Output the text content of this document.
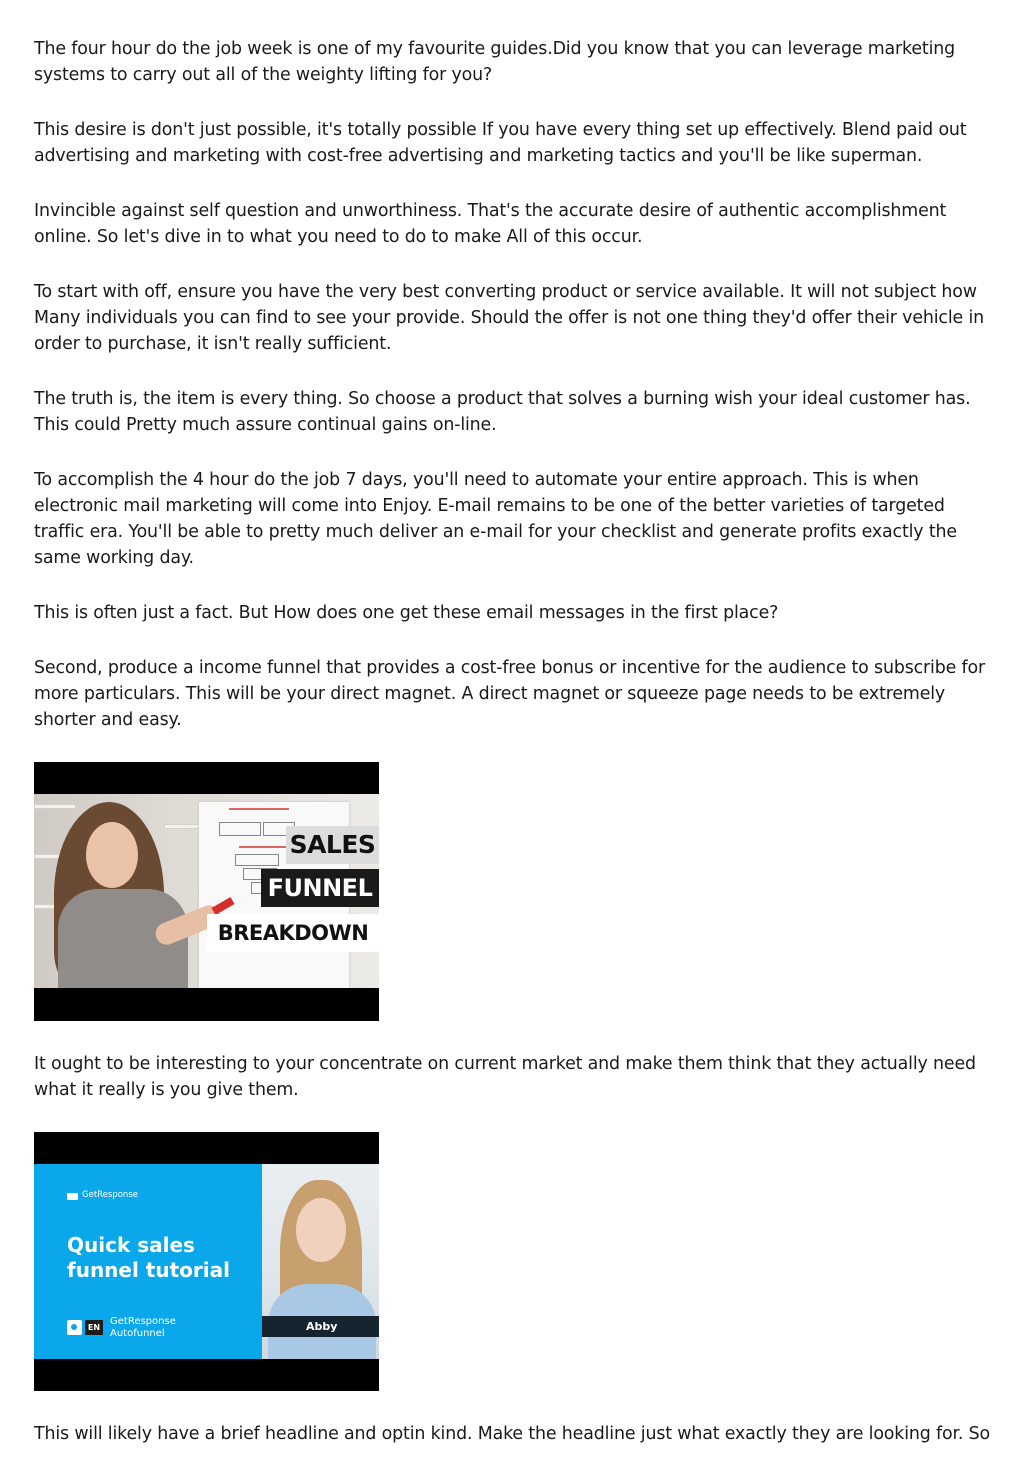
The four hour do the job week is one of my favourite guides.Did you know that you can leverage marketing systems to carry out all of the weighty lifting for you?

This desire is don't just possible, it's totally possible If you have every thing set up effectively. Blend paid out advertising and marketing with cost-free advertising and marketing tactics and you'll be like superman.

Invincible against self question and unworthiness. That's the accurate desire of authentic accomplishment online. So let's dive in to what you need to do to make All of this occur.

To start with off, ensure you have the very best converting product or service available. It will not subject how Many individuals you can find to see your provide. Should the offer is not one thing they'd offer their vehicle in order to purchase, it isn't really sufficient.

The truth is, the item is every thing. So choose a product that solves a burning wish your ideal customer has. This could Pretty much assure continual gains on-line.

To accomplish the 4 hour do the job 7 days, you'll need to automate your entire approach. This is when electronic mail marketing will come into Enjoy. E-mail remains to be one of the better varieties of targeted traffic era. You'll be able to pretty much deliver an e-mail for your checklist and generate profits exactly the same working day.

This is often just a fact. But How does one get these email messages in the first place?

Second, produce a income funnel that provides a cost-free bonus or incentive for the audience to subscribe for more particulars. This will be your direct magnet. A direct magnet or squeeze page needs to be extremely shorter and easy.

SALES
FUNNEL
BREAKDOWN

It ought to be interesting to your concentrate on current market and make them think that they actually need what it really is you give them.

GetResponse
Quick sales funnel tutorial
EN
GetResponse
Autofunnel
Abby

This will likely have a brief headline and optin kind. Make the headline just what exactly they are looking for. So
